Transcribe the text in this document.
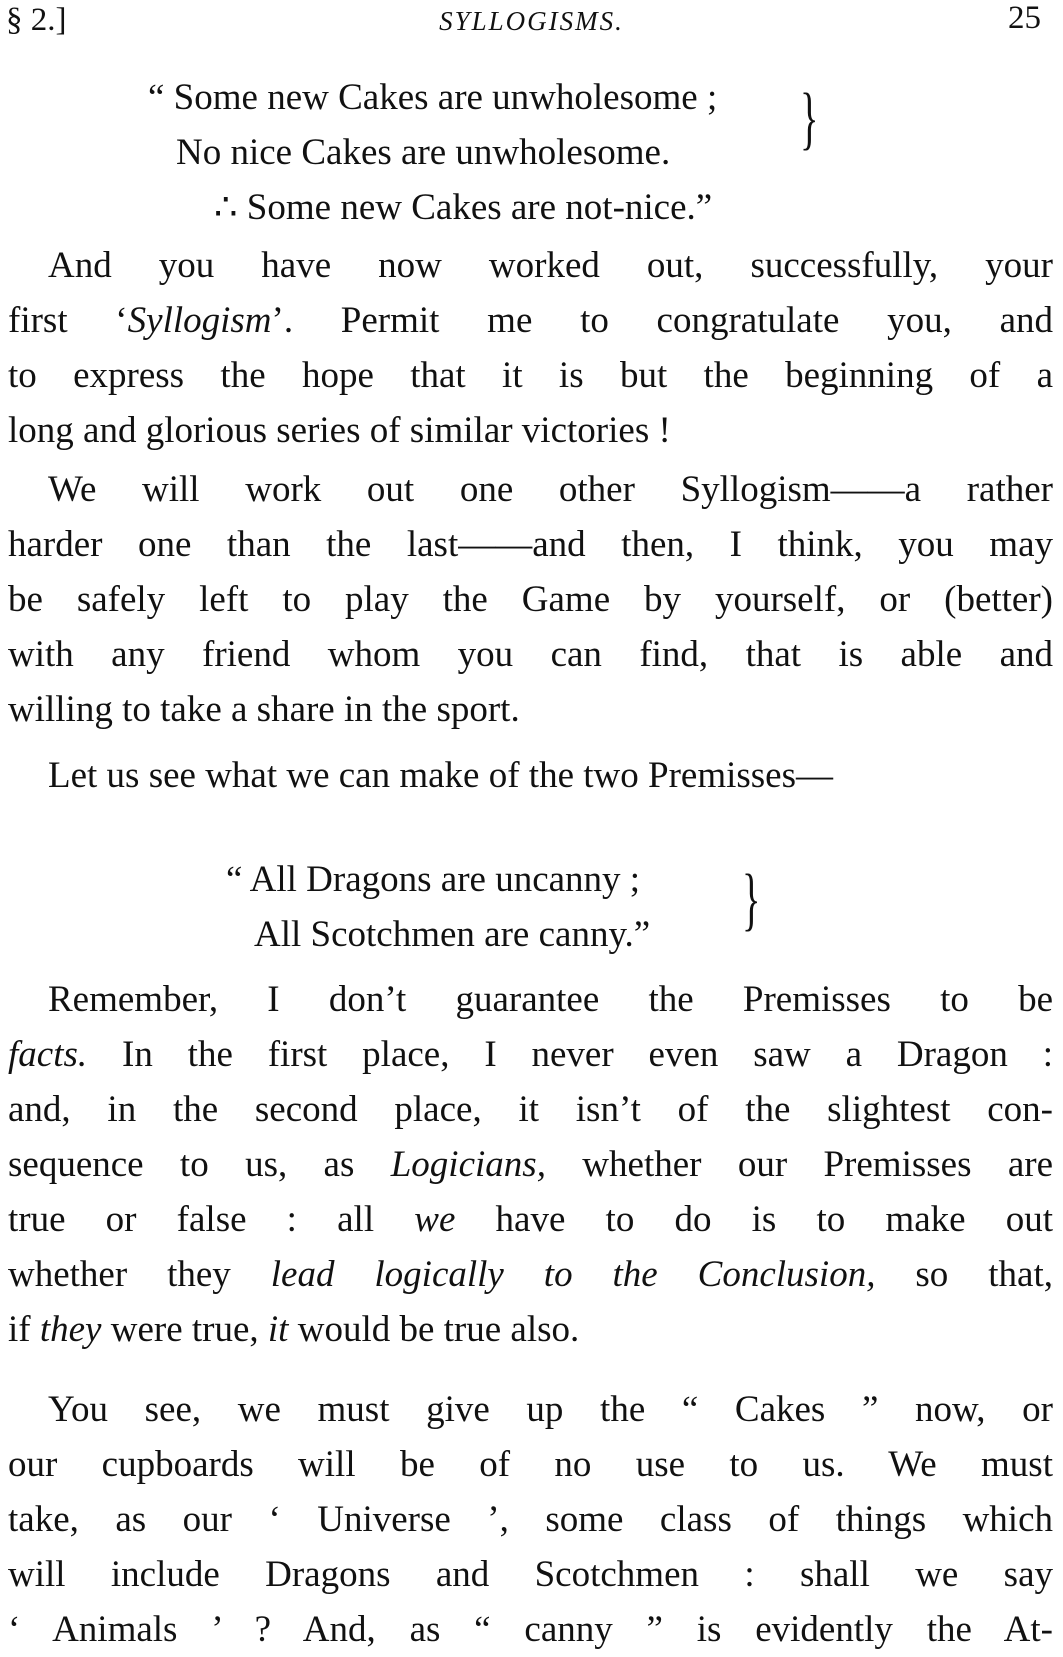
§ 2.]	SYLLOGISMS.	25
“ Some new Cakes are unwholesome ;
No nice Cakes are unwholesome.
∴ Some new Cakes are not-nice.”
}
And you have now worked out, successfully, your
first ‘Syllogism’. Permit me to congratulate you, and
to express the hope that it is but the beginning of a
long and glorious series of similar victories !
We will work out one other Syllogism——a rather
harder one than the last——and then, I think, you may
be safely left to play the Game by yourself, or (better)
with any friend whom you can find, that is able and
willing to take a share in the sport.
Let us see what we can make of the two Premisses—
“ All Dragons are uncanny ;
All Scotchmen are canny.” }
Remember, I don’t guarantee the Premisses to be
facts. In the first place, I never even saw a Dragon :
and, in the second place, it isn’t of the slightest con-
sequence to us, as Logicians, whether our Premisses are
true or false : all we have to do is to make out
whether they lead logically to the Conclusion, so that,
if they were true, it would be true also.
You see, we must give up the “ Cakes ” now, or
our cupboards will be of no use to us. We must
take, as our ‘ Universe ’, some class of things which
will include Dragons and Scotchmen : shall we say
‘ Animals ’ ? And, as “ canny ” is evidently the At-
